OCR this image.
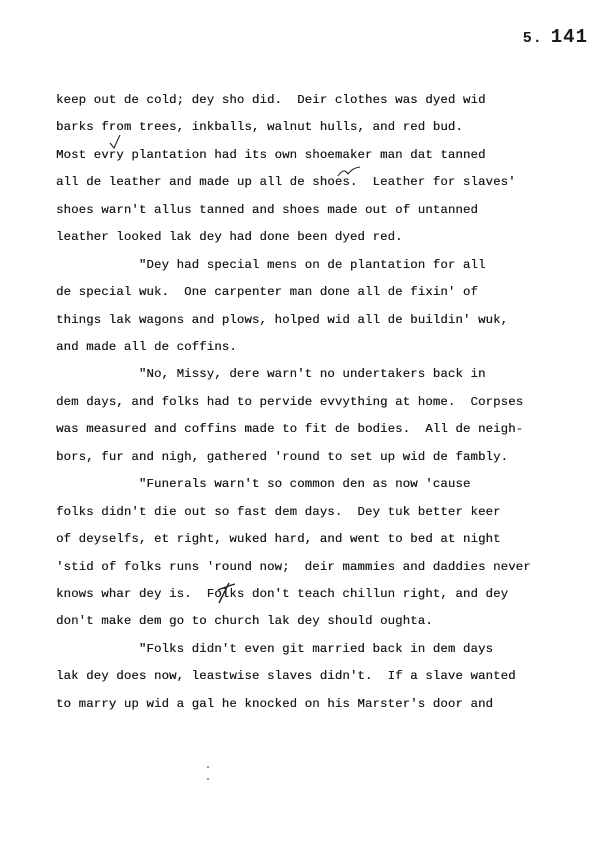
5. 141
keep out de cold; dey sho did.  Deir clothes was dyed wid
barks from trees, inkballs, walnut hulls, and red bud.
Most evry plantation had its own shoemaker man dat tanned
all de leather and made up all de shoes.  Leather for slaves'
shoes warn't allus tanned and shoes made out of untanned
leather looked lak dey had done been dyed red.
"Dey had special mens on de plantation for all
de special wuk.  One carpenter man done all de fixin' of
things lak wagons and plows, holped wid all de buildin' wuk,
and made all de coffins.
"No, Missy, dere warn't no undertakers back in
dem days, and folks had to pervide evvything at home.  Corpses
was measured and coffins made to fit de bodies.  All de neigh-
bors, fur and nigh, gathered 'round to set up wid de fambly.
"Funerals warn't so common den as now 'cause
folks didn't die out so fast dem days.  Dey tuk better keer
of deyselfs, et right, wuked hard, and went to bed at night
'stid of folks runs 'round now;  deir mammies and daddies never
knows whar dey is.  Folks don't teach chillun right, and dey
don't make dem go to church lak dey should oughta.
"Folks didn't even git married back in dem days
lak dey does now, leastwise slaves didn't.  If a slave wanted
to marry up wid a gal he knocked on his Marster's door and
